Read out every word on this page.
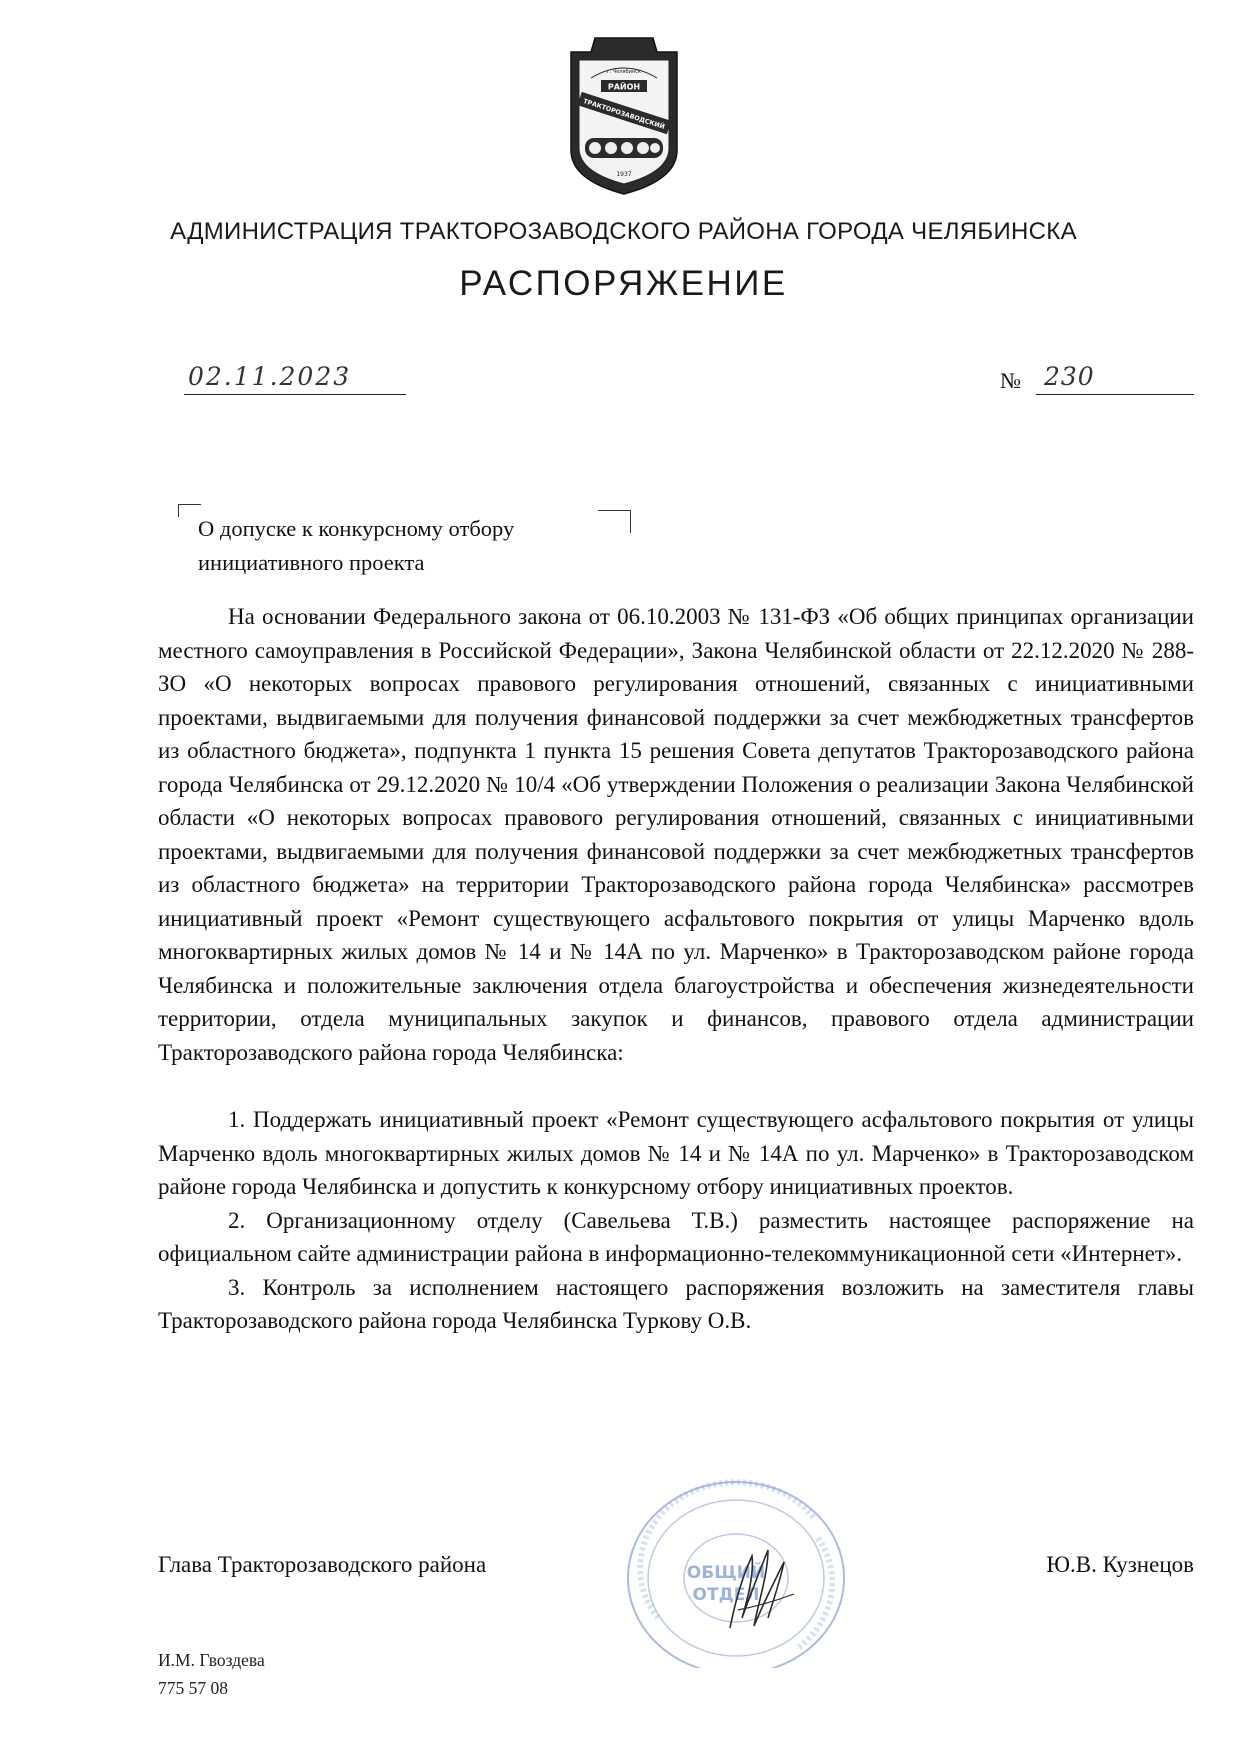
г. Челябинск
РАЙОН
ТРАКТОРОЗАВОДСКИЙ
1937
АДМИНИСТРАЦИЯ ТРАКТОРОЗАВОДСКОГО РАЙОНА ГОРОДА ЧЕЛЯБИНСКА
РАСПОРЯЖЕНИЕ
02.11.2023	№ 230
О допуске к конкурсному отбору
инициативного проекта

На основании Федерального закона от 06.10.2003 № 131-ФЗ «Об общих принципах организации местного самоуправления в Российской Федерации», Закона Челябинской области от 22.12.2020 № 288-ЗО «О некоторых вопросах правового регулирования отношений, связанных с инициативными проектами, выдвигаемыми для получения финансовой поддержки за счет межбюджетных трансфертов из областного бюджета», подпункта 1 пункта 15 решения Совета депутатов Тракторозаводского района города Челябинска от 29.12.2020 № 10/4 «Об утверждении Положения о реализации Закона Челябинской области «О некоторых вопросах правового регулирования отношений, связанных с инициативными проектами, выдвигаемыми для получения финансовой поддержки за счет межбюджетных трансфертов из областного бюджета» на территории Тракторозаводского района города Челябинска» рассмотрев инициативный проект «Ремонт существующего асфальтового покрытия от улицы Марченко вдоль многоквартирных жилых домов № 14 и № 14А по ул. Марченко» в Тракторозаводском районе города Челябинска и положительные заключения отдела благоустройства и обеспечения жизнедеятельности территории, отдела муниципальных закупок и финансов, правового отдела администрации Тракторозаводского района города Челябинска:

1. Поддержать инициативный проект «Ремонт существующего асфальтового покрытия от улицы Марченко вдоль многоквартирных жилых домов № 14 и № 14А по ул. Марченко» в Тракторозаводском районе города Челябинска и допустить к конкурсному отбору инициативных проектов.

2. Организационному отделу (Савельева Т.В.) разместить настоящее распоряжение на официальном сайте администрации района в информационно-телекоммуникационной сети «Интернет».

3. Контроль за исполнением настоящего распоряжения возложить на заместителя главы Тракторозаводского района города Челябинска Туркову О.В.

ОБЩИЙ
ОТДЕЛ
Глава Тракторозаводского района	Ю.В. Кузнецов
И.М. Гвоздева
775 57 08
